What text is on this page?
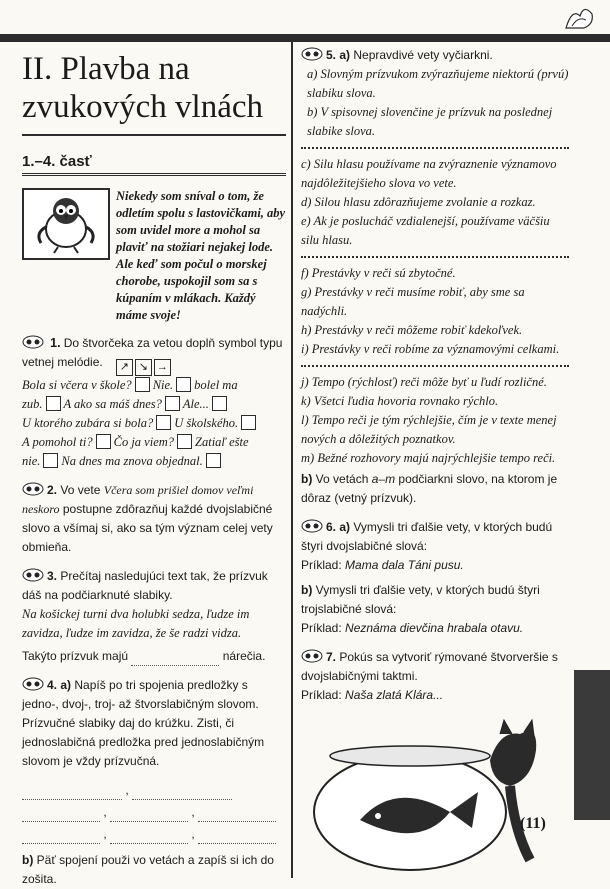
II. Plavba na zvukových vlnách
1.–4. časť
Niekedy som sníval o tom, že odletím spolu s lastovičkami, aby som uvidel more a mohol sa plaviť na stožiari nejakej lode. Ale keď som počul o morskej chorobe, uspokojil som sa s kúpaním v mlákach. Každý máme svoje!
1. Do štvorčeka za vetou doplň symbol typu vetnej melódie.	↗ ↘ →
Bola si včera v škole? Nie. bolel ma
zub. A ako sa máš dnes? Ale...
U ktorého zubára si bola? U školského.
A pomohol ti? Čo ja viem? Zatiaľ ešte
nie. Na dnes ma znova objednal.
2. Vo vete Včera som prišiel domov veľmi neskoro postupne zdôrazňuj každé dvojslabičné slovo a všímaj si, ako sa tým význam celej vety obmieňa.
3. Prečítaj nasledujúci text tak, že prízvuk dáš na podčiarknuté slabiky.
Na košickej turni dva holubki sedza, ľudze im zavidza, ľudze im zavidza, že še radzi vidza.
Takýto prízvuk majú	nárečia.
4. a) Napíš po tri spojenia predložky s jedno-, dvoj-, troj- až štvorslabičným slovom. Prízvučné slabiky daj do krúžku. Zisti, či jednoslabičná predložka pred jednoslabičným slovom je vždy prízvučná.
,
,	,
,	,
b) Päť spojení použi vo vetách a zapíš si ich do zošita.
5. a) Nepravdivé vety vyčiarkni.
a) Slovným prízvukom zvýrazňujeme niektorú (prvú) slabiku slova.
b) V spisovnej slovenčine je prízvuk na poslednej slabike slova.
c) Silu hlasu používame na zvýraznenie významovo najdôležitejšieho slova vo vete.
d) Silou hlasu zdôrazňujeme zvolanie a rozkaz.
e) Ak je poslucháč vzdialenejší, používame väčšiu silu hlasu.
f) Prestávky v reči sú zbytočné.
g) Prestávky v reči musíme robiť, aby sme sa nadýchli.
h) Prestávky v reči môžeme robiť kdekoľvek.
i) Prestávky v reči robíme za významovými celkami.
j) Tempo (rýchlosť) reči môže byť u ľudí rozličné.
k) Všetci ľudia hovoria rovnako rýchlo.
l) Tempo reči je tým rýchlejšie, čím je v texte menej nových a dôležitých poznatkov.
m) Bežné rozhovory majú najrýchlejšie tempo reči.
b) Vo vetách a–m podčiarkni slovo, na ktorom je dôraz (vetný prízvuk).
6. a) Vymysli tri ďalšie vety, v ktorých budú štyri dvojslabičné slová:
Príklad: Mama dala Táni pusu.
b) Vymysli tri ďalšie vety, v ktorých budú štyri trojslabičné slová:
Príklad: Neznáma dievčina hrabala otavu.
7. Pokús sa vytvoriť rýmované štvorveršie s dvojslabičnými taktmi.
Príklad: Naša zlatá Klára...
(11)
